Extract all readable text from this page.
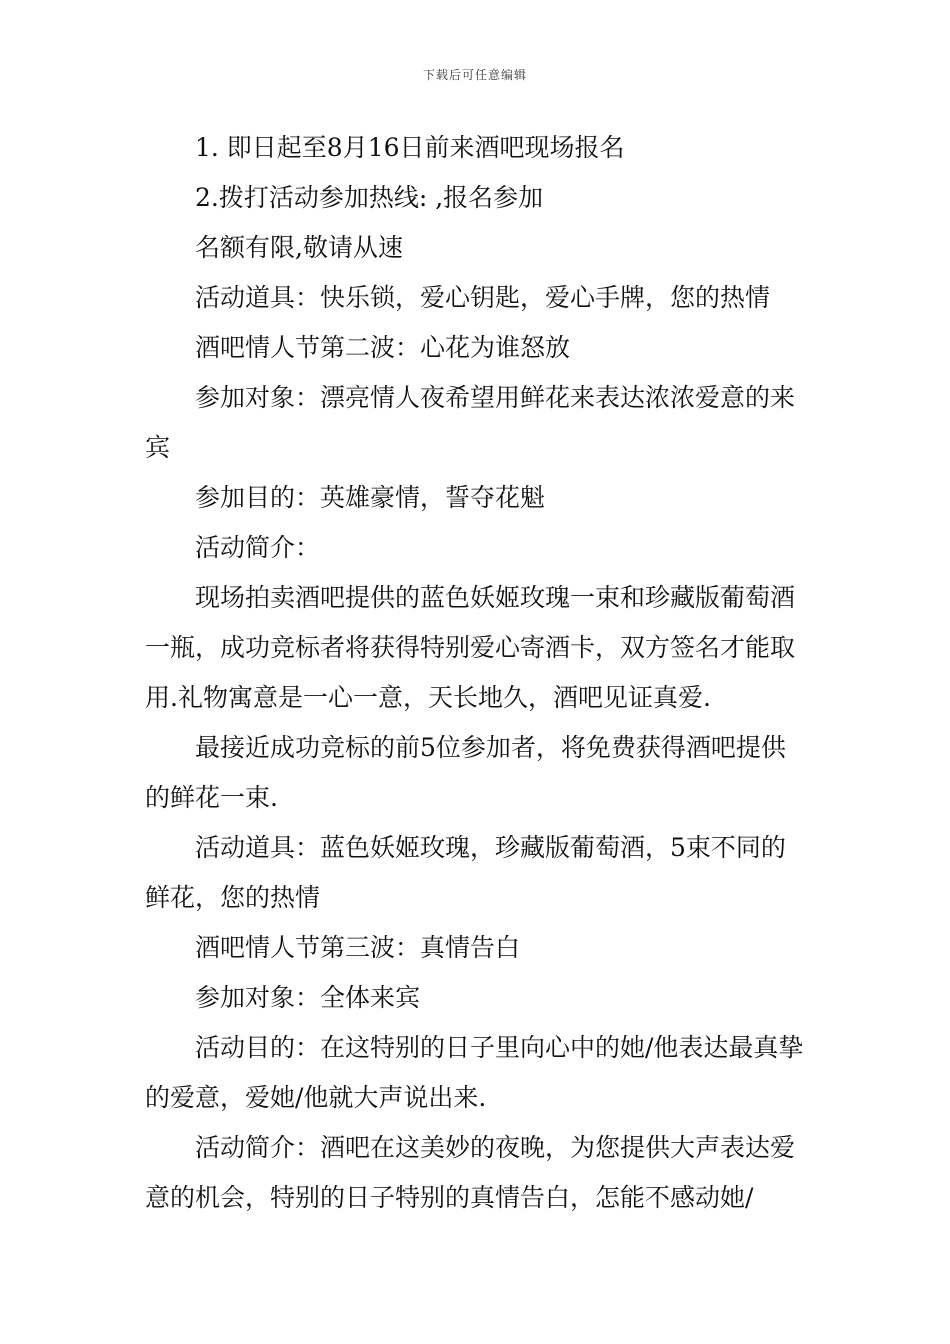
下载后可任意编辑

1. 即日起至8月16日前来酒吧现场报名

2.拨打活动参加热线: ,报名参加

名额有限,敬请从速

活动道具：快乐锁，爱心钥匙，爱心手牌，您的热情

酒吧情人节第二波：心花为谁怒放

参加对象：漂亮情人夜希望用鲜花来表达浓浓爱意的来宾

参加目的：英雄豪情，誓夺花魁

活动简介：

现场拍卖酒吧提供的蓝色妖姬玫瑰一束和珍藏版葡萄酒一瓶，成功竞标者将获得特别爱心寄酒卡，双方签名才能取用.礼物寓意是一心一意，天长地久，酒吧见证真爱.

最接近成功竞标的前5位参加者，将免费获得酒吧提供的鲜花一束.

活动道具：蓝色妖姬玫瑰，珍藏版葡萄酒，5束不同的鲜花，您的热情

酒吧情人节第三波：真情告白

参加对象：全体来宾

活动目的：在这特别的日子里向心中的她/他表达最真挚的爱意，爱她/他就大声说出来.

活动简介：酒吧在这美妙的夜晚，为您提供大声表达爱意的机会，特别的日子特别的真情告白，怎能不感动她/
